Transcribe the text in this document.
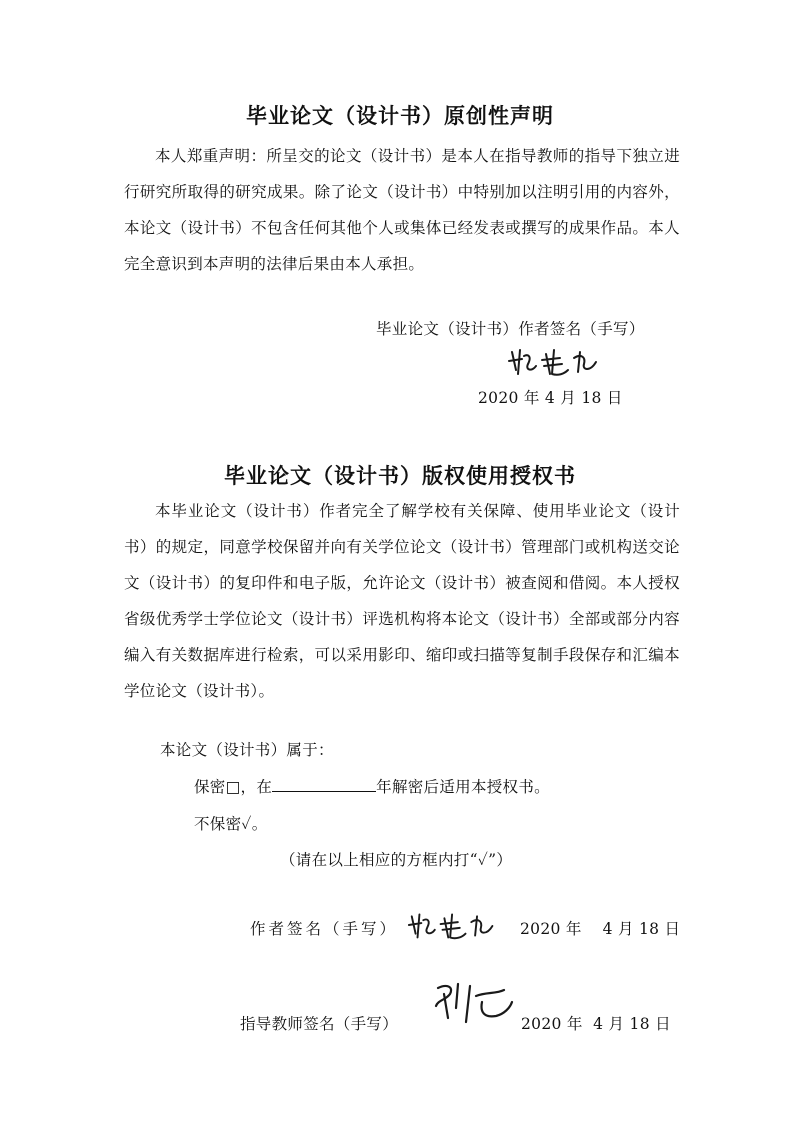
毕业论文（设计书）原创性声明

本人郑重声明：所呈交的论文（设计书）是本人在指导教师的指导下独立进行研究所取得的研究成果。除了论文（设计书）中特别加以注明引用的内容外，本论文（设计书）不包含任何其他个人或集体已经发表或撰写的成果作品。本人完全意识到本声明的法律后果由本人承担。

毕业论文（设计书）作者签名（手写）

2020 年 4 月 18 日

毕业论文（设计书）版权使用授权书

本毕业论文（设计书）作者完全了解学校有关保障、使用毕业论文（设计书）的规定，同意学校保留并向有关学位论文（设计书）管理部门或机构送交论文（设计书）的复印件和电子版，允许论文（设计书）被查阅和借阅。本人授权省级优秀学士学位论文（设计书）评选机构将本论文（设计书）全部或部分内容编入有关数据库进行检索，可以采用影印、缩印或扫描等复制手段保存和汇编本学位论文（设计书）。

本论文（设计书）属于：

保密□，在	年解密后适用本授权书。

不保密✓。

（请在以上相应的方框内打“✓”）

作者签名（手写）	2020 年    4 月 18 日

指导教师签名（手写）	2020 年  4 月 18 日
